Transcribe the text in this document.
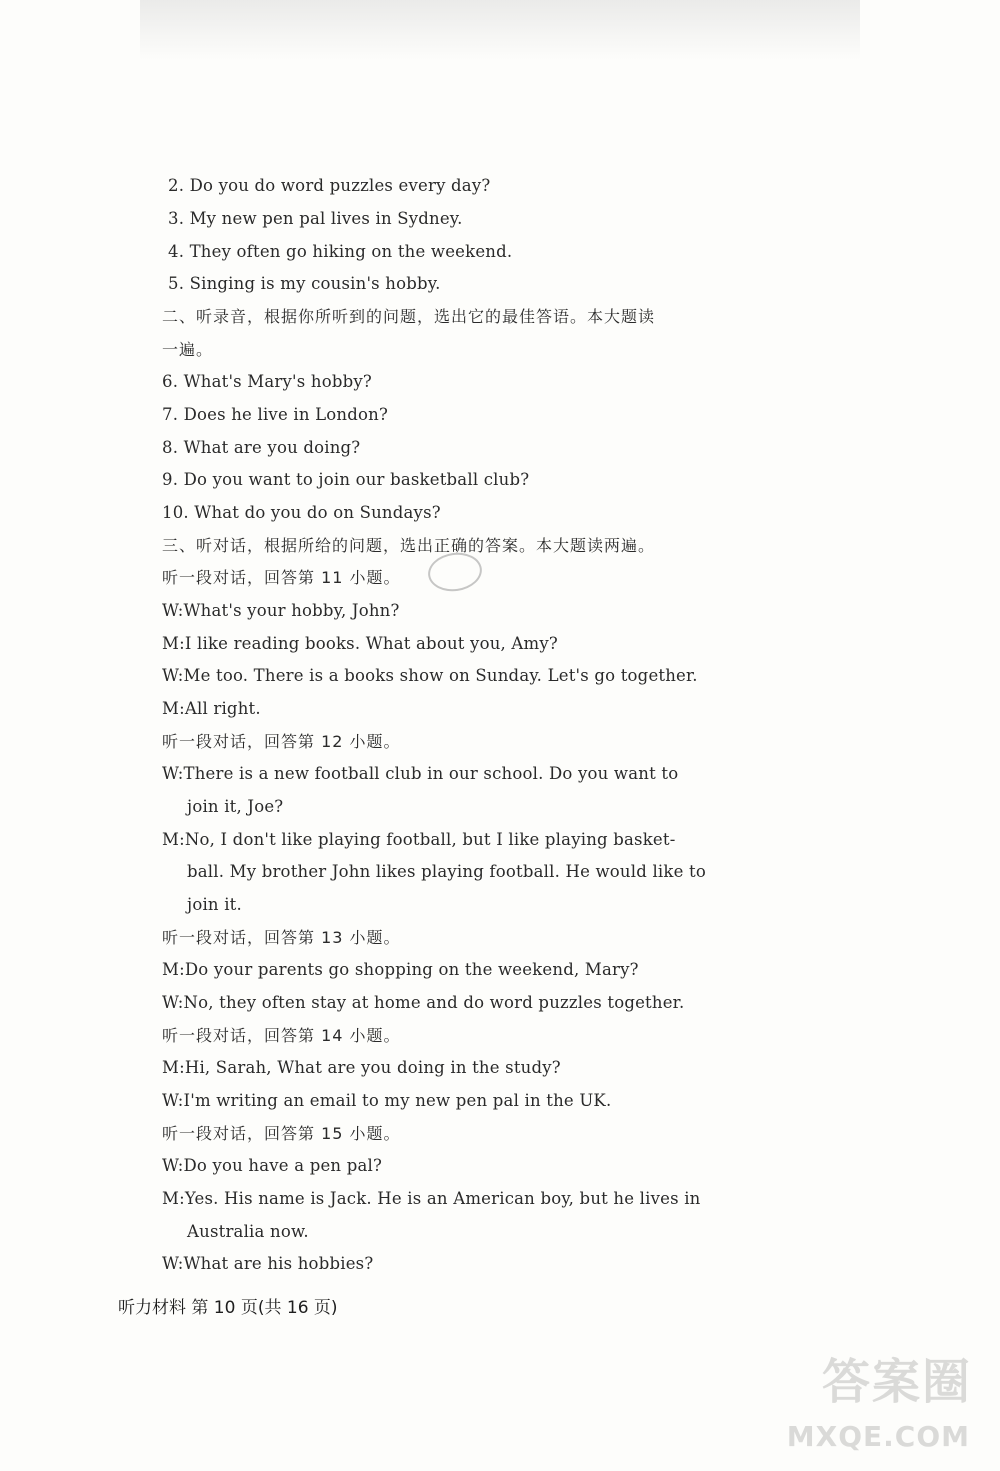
2. Do you do word puzzles every day?
3. My new pen pal lives in Sydney.
4. They often go hiking on the weekend.
5. Singing is my cousin's hobby.
二、听录音，根据你所听到的问题，选出它的最佳答语。本大题读
一遍。
6. What's Mary's hobby?
7. Does he live in London?
8. What are you doing?
9. Do you want to join our basketball club?
10. What do you do on Sundays?
三、听对话，根据所给的问题，选出正确的答案。本大题读两遍。
听一段对话，回答第 11 小题。
W:What's your hobby, John?
M:I like reading books. What about you, Amy?
W:Me too. There is a books show on Sunday. Let's go together.
M:All right.
听一段对话，回答第 12 小题。
W:There is a new football club in our school. Do you want to
join it, Joe?
M:No, I don't like playing football, but I like playing basket-
ball. My brother John likes playing football. He would like to
join it.
听一段对话，回答第 13 小题。
M:Do your parents go shopping on the weekend, Mary?
W:No, they often stay at home and do word puzzles together.
听一段对话，回答第 14 小题。
M:Hi, Sarah, What are you doing in the study?
W:I'm writing an email to my new pen pal in the UK.
听一段对话，回答第 15 小题。
W:Do you have a pen pal?
M:Yes. His name is Jack. He is an American boy, but he lives in
Australia now.
W:What are his hobbies?
听力材料 第 10 页(共 16 页)
答案圈
MXQE.COM
